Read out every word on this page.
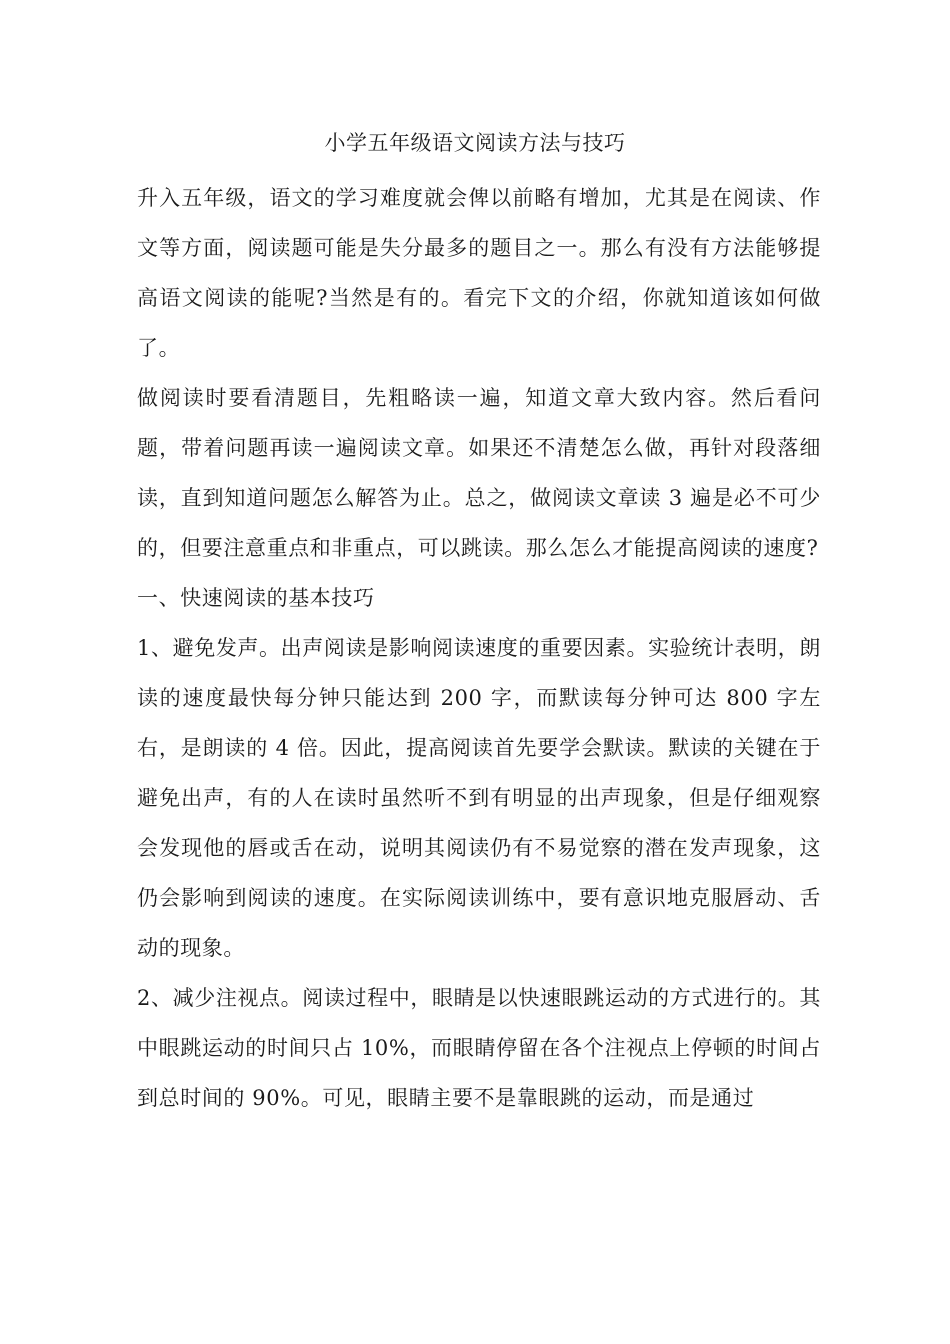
小学五年级语文阅读方法与技巧

升入五年级，语文的学习难度就会俾以前略有增加，尤其是在阅读、作文等方面，阅读题可能是失分最多的题目之一。那么有没有方法能够提高语文阅读的能呢?当然是有的。看完下文的介绍，你就知道该如何做了。

做阅读时要看清题目，先粗略读一遍，知道文章大致内容。然后看问题，带着问题再读一遍阅读文章。如果还不清楚怎么做，再针对段落细读，直到知道问题怎么解答为止。总之，做阅读文章读 3 遍是必不可少的，但要注意重点和非重点，可以跳读。那么怎么才能提高阅读的速度?

一、快速阅读的基本技巧

1、避免发声。出声阅读是影响阅读速度的重要因素。实验统计表明，朗读的速度最快每分钟只能达到 200 字，而默读每分钟可达 800 字左右，是朗读的 4 倍。因此，提高阅读首先要学会默读。默读的关键在于避免出声，有的人在读时虽然听不到有明显的出声现象，但是仔细观察会发现他的唇或舌在动，说明其阅读仍有不易觉察的潜在发声现象，这仍会影响到阅读的速度。在实际阅读训练中，要有意识地克服唇动、舌动的现象。

2、减少注视点。阅读过程中，眼睛是以快速眼跳运动的方式进行的。其中眼跳运动的时间只占 10%，而眼睛停留在各个注视点上停顿的时间占到总时间的 90%。可见，眼睛主要不是靠眼跳的运动，而是通过
